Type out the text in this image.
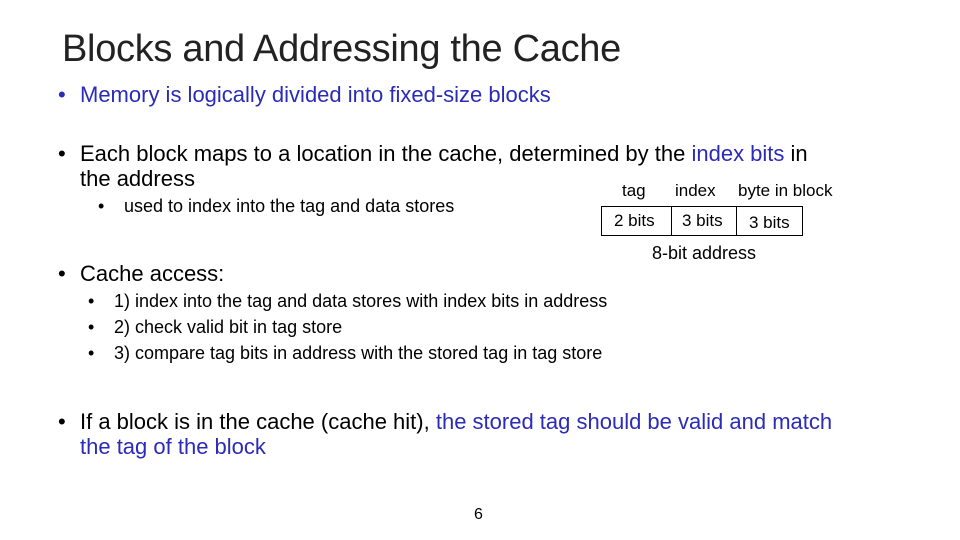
Blocks and Addressing the Cache
• Memory is logically divided into fixed-size blocks
• Each block maps to a location in the cache, determined by the index bits in
the address
• used to index into the tag and data stores
tag index byte in block
2 bits 3 bits 3 bits
8-bit address
• Cache access:
• 1) index into the tag and data stores with index bits in address
• 2) check valid bit in tag store
• 3) compare tag bits in address with the stored tag in tag store
• If a block is in the cache (cache hit), the stored tag should be valid and match
the tag of the block
6
